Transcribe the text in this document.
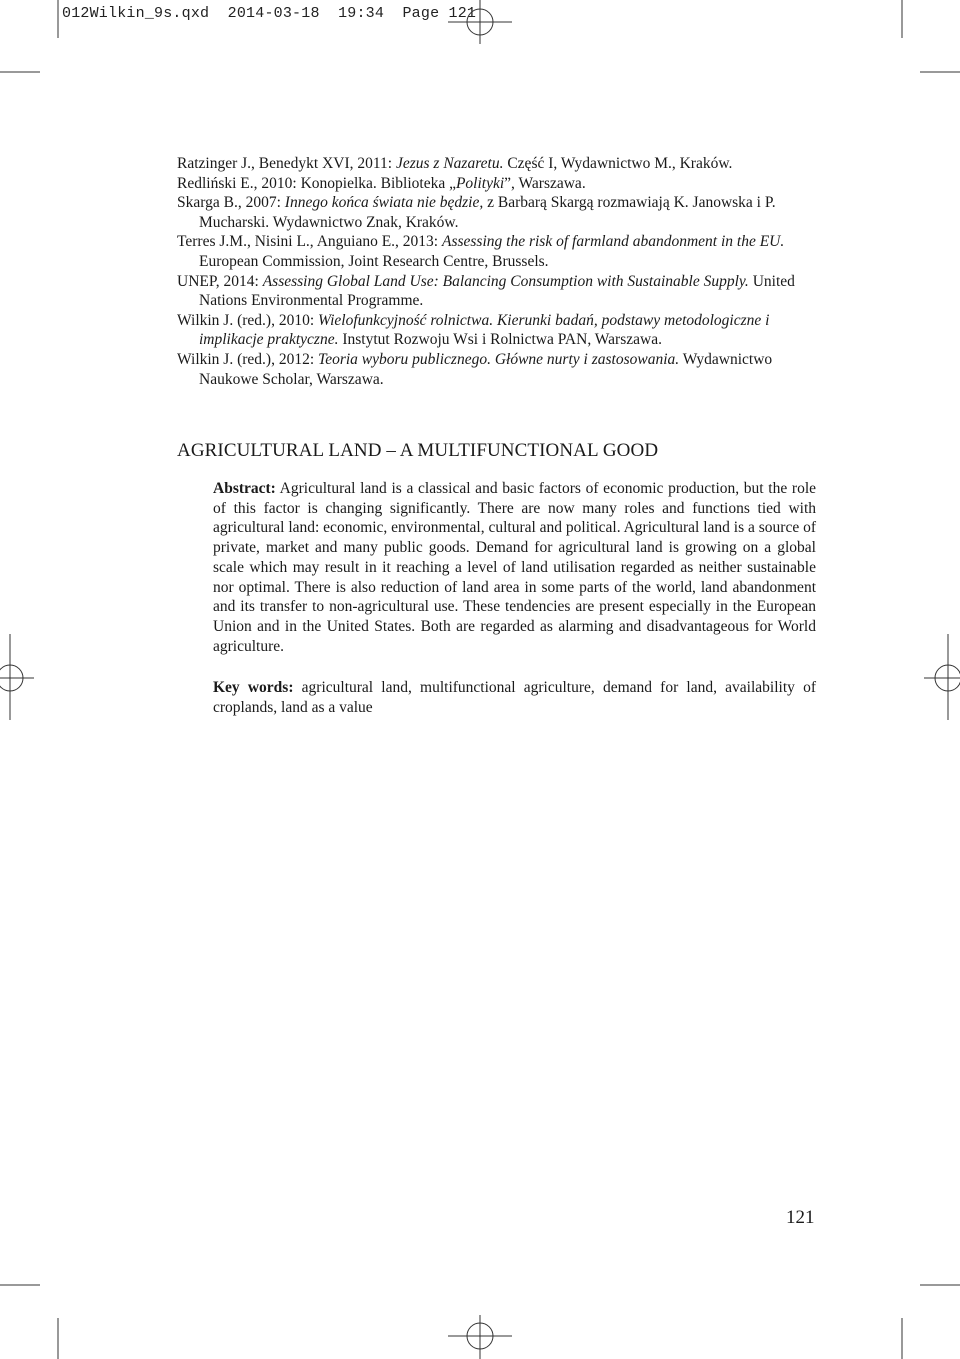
012Wilkin_9s.qxd 2014-03-18 19:34 Page 121

Ratzinger J., Benedykt XVI, 2011: Jezus z Nazaretu. Część I, Wydawnictwo M., Kraków.

Redliński E., 2010: Konopielka. Biblioteka „Polityki”, Warszawa.

Skarga B., 2007: Innego końca świata nie będzie, z Barbarą Skargą rozmawiają K. Janowska i P. Mucharski. Wydawnictwo Znak, Kraków.

Terres J.M., Nisini L., Anguiano E., 2013: Assessing the risk of farmland abandonment in the EU. European Commission, Joint Research Centre, Brussels.

UNEP, 2014: Assessing Global Land Use: Balancing Consumption with Sustainable Supply. United Nations Environmental Programme.

Wilkin J. (red.), 2010: Wielofunkcyjność rolnictwa. Kierunki badań, podstawy metodologiczne i implikacje praktyczne. Instytut Rozwoju Wsi i Rolnictwa PAN, Warszawa.

Wilkin J. (red.), 2012: Teoria wyboru publicznego. Główne nurty i zastosowania. Wydawnictwo Naukowe Scholar, Warszawa.

AGRICULTURAL LAND – A MULTIFUNCTIONAL GOOD

Abstract: Agricultural land is a classical and basic factors of economic production, but the role of this factor is changing significantly. There are now many roles and functions tied with agricultural land: economic, environmental, cultural and political. Agricultural land is a source of private, market and many public goods. Demand for agricultural land is growing on a global scale which may result in it reaching a level of land utilisation regarded as neither sustainable nor optimal. There is also reduction of land area in some parts of the world, land abandonment and its transfer to non-agricultural use. These tendencies are present especially in the European Union and in the United States. Both are regarded as alarming and disadvantageous for World agriculture.

Key words: agricultural land, multifunctional agriculture, demand for land, availability of croplands, land as a value

121
